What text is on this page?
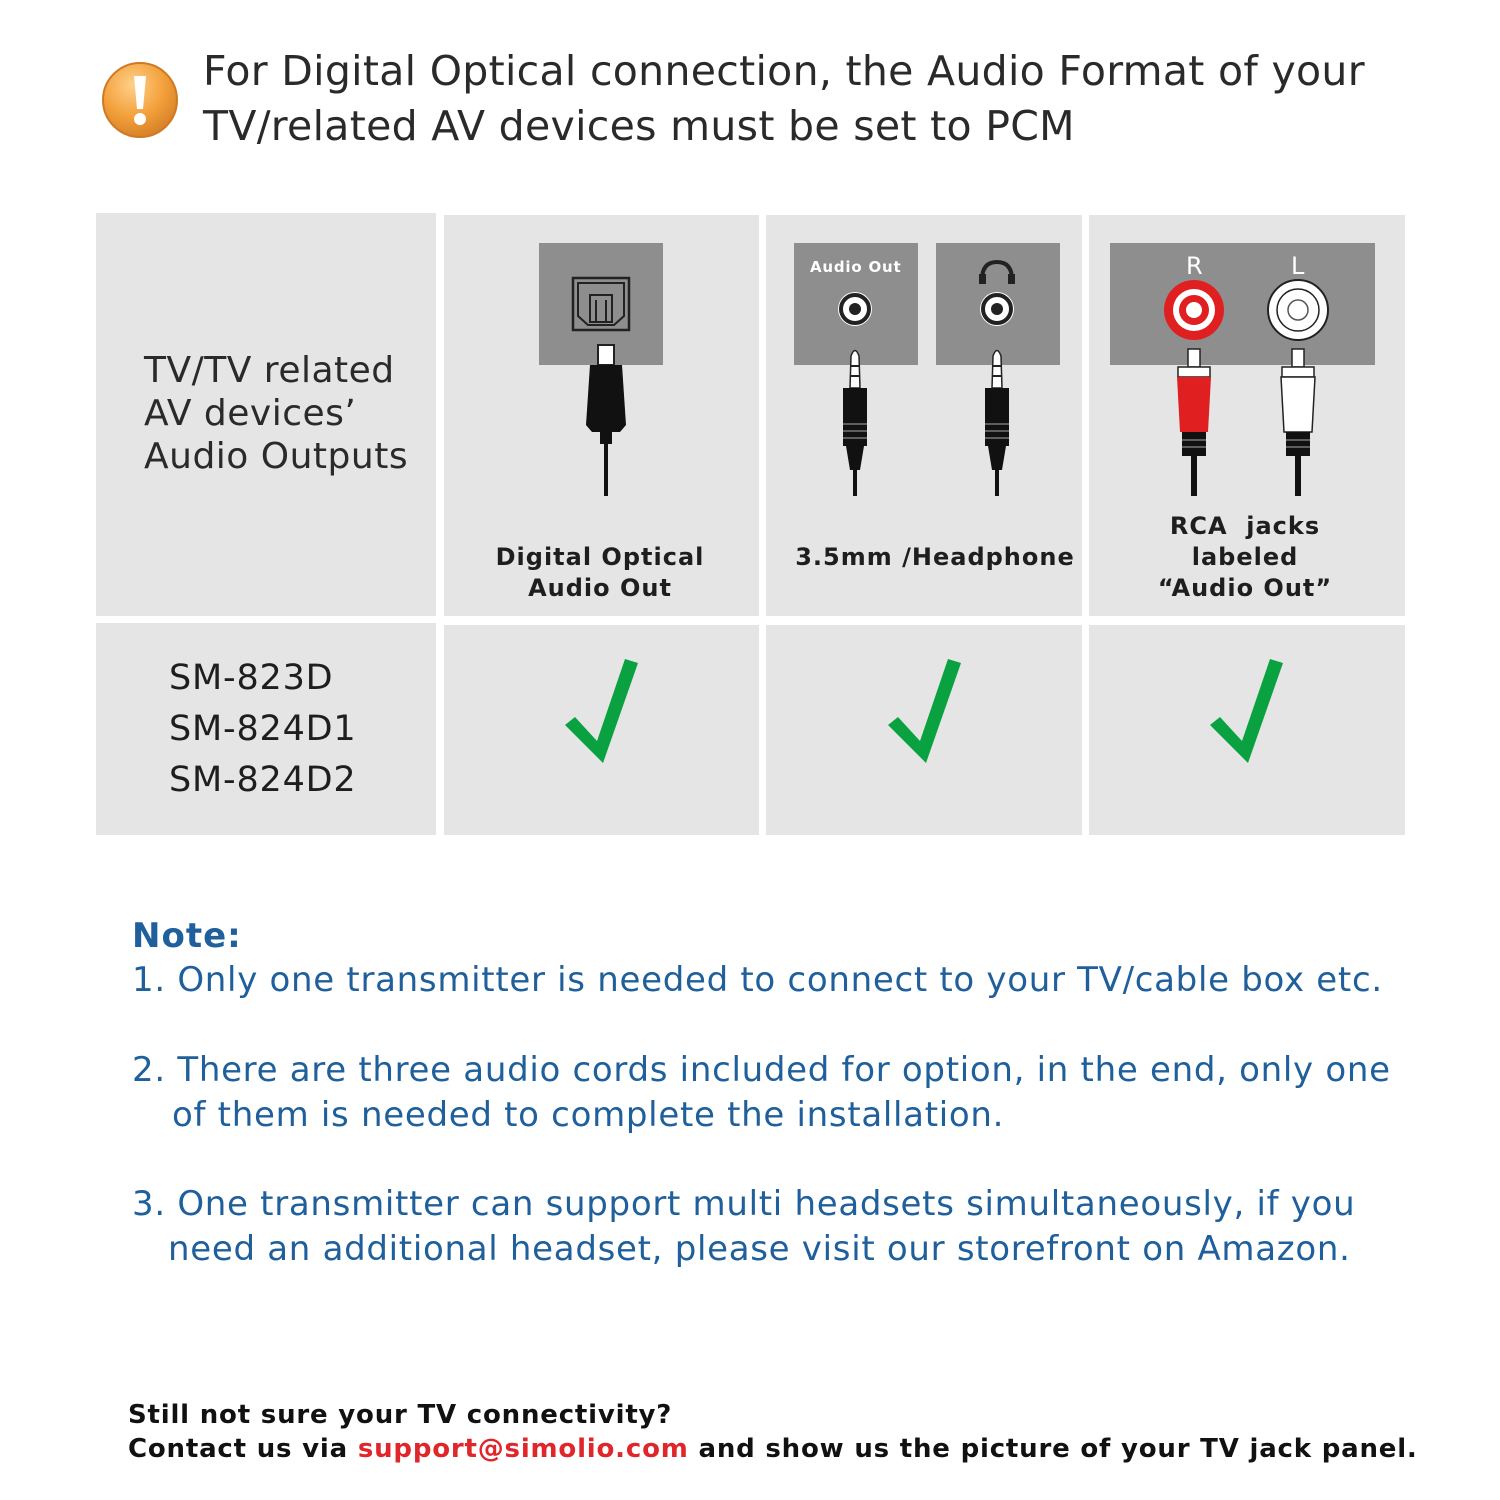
For Digital Optical connection, the Audio Format of your
TV/related AV devices must be set to PCM
TV/TV related
AV devices’
Audio Outputs
Audio Out	R	L
Digital Optical
Audio Out
3.5mm /Headphone
RCA  jacks
labeled
“Audio Out”
SM-823D
SM-824D1
SM-824D2
Note:
1. Only one transmitter is needed to connect to your TV/cable box etc.
2. There are three audio cords included for option, in the end, only one
of them is needed to complete the installation.
3. One transmitter can support multi headsets simultaneously, if you
need an additional headset, please visit our storefront on Amazon.
Still not sure your TV connectivity?
Contact us via support@simolio.com and show us the picture of your TV jack panel.
